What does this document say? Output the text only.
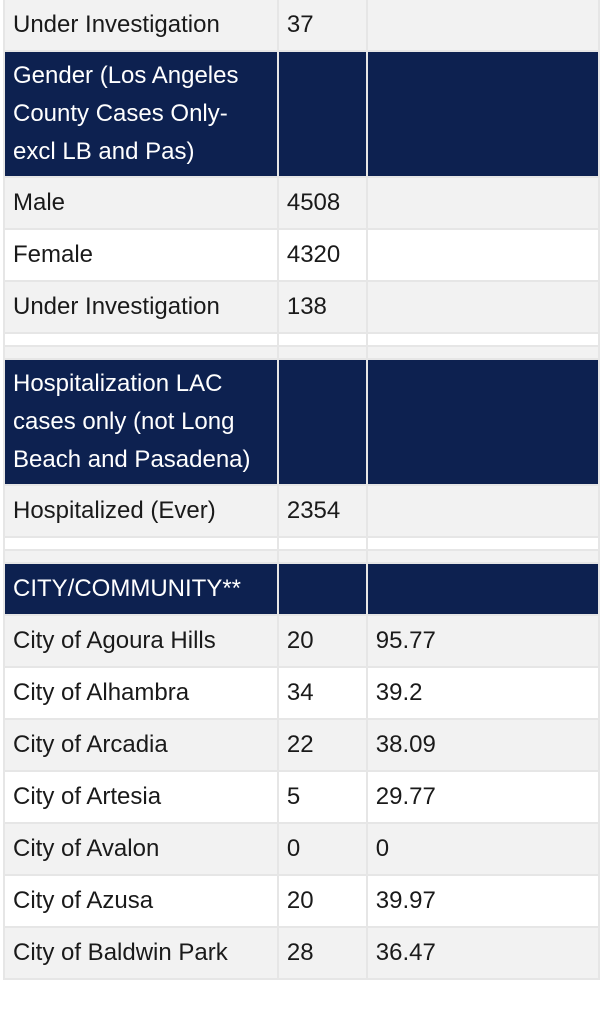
Under Investigation	37	
Gender (Los Angeles County Cases Only-excl LB and Pas)		
Male	4508	
Female	4320	
Under Investigation	138	

Hospitalization LAC cases only (not Long Beach and Pasadena)		
Hospitalized (Ever)	2354	

CITY/COMMUNITY**		
City of Agoura Hills	20	95.77
City of Alhambra	34	39.2
City of Arcadia	22	38.09
City of Artesia	5	29.77
City of Avalon	0	0
City of Azusa	20	39.97
City of Baldwin Park	28	36.47
